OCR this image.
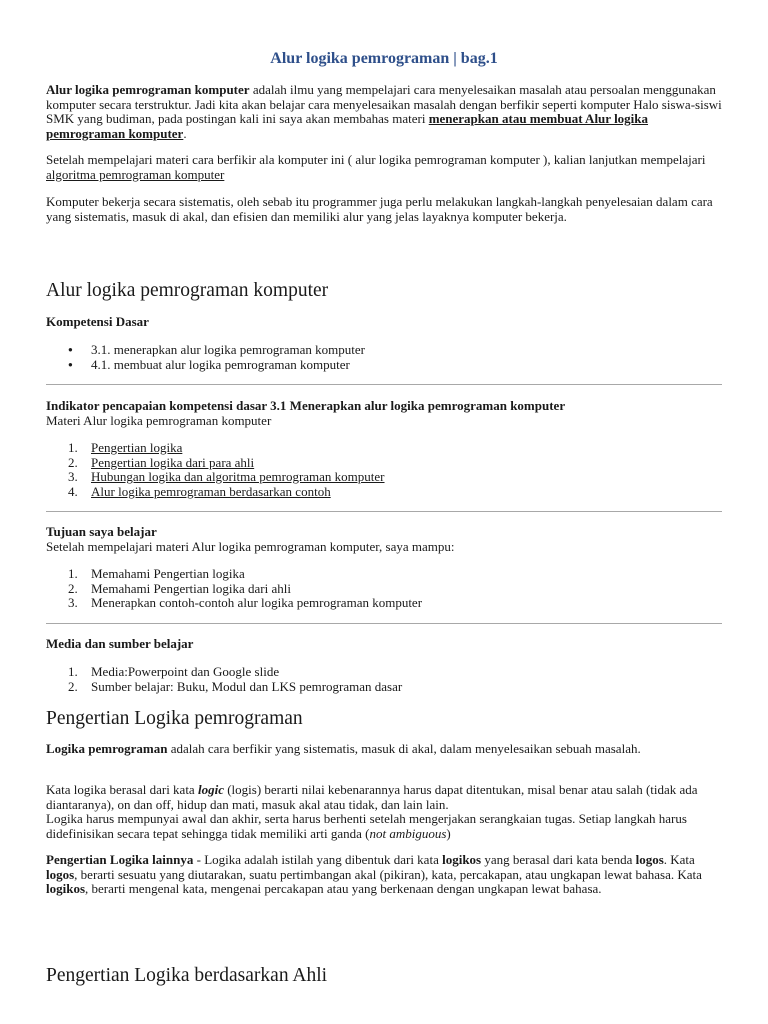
Alur logika pemrograman | bag.1

Alur logika pemrograman komputer adalah ilmu yang mempelajari cara menyelesaikan masalah atau persoalan menggunakan komputer secara terstruktur. Jadi kita akan belajar cara menyelesaikan masalah dengan berfikir seperti komputer Halo siswa-siswi SMK yang budiman, pada postingan kali ini saya akan membahas materi menerapkan atau membuat Alur logika pemrograman komputer.

Setelah mempelajari materi cara berfikir ala komputer ini ( alur logika pemrograman komputer ), kalian lanjutkan mempelajari algoritma pemrograman komputer

Komputer bekerja secara sistematis, oleh sebab itu programmer juga perlu melakukan langkah-langkah penyelesaian dalam cara yang sistematis, masuk di akal, dan efisien dan memiliki alur yang jelas layaknya komputer bekerja.
Alur logika pemrograman komputer
Kompetensi Dasar
● 3.1. menerapkan alur logika pemrograman komputer
● 4.1. membuat alur logika pemrograman komputer

Indikator pencapaian kompetensi dasar 3.1 Menerapkan alur logika pemrograman komputer

Materi Alur logika pemrograman komputer

1. Pengertian logika
2. Pengertian logika dari para ahli
3. Hubungan logika dan algoritma pemrograman komputer
4. Alur logika pemrograman berdasarkan contoh

Tujuan saya belajar

Setelah mempelajari materi Alur logika pemrograman komputer, saya mampu:

1. Memahami Pengertian logika
2. Memahami Pengertian logika dari ahli
3. Menerapkan contoh-contoh alur logika pemrograman komputer
Media dan sumber belajar
1. Media:Powerpoint dan Google slide
2. Sumber belajar: Buku, Modul dan LKS pemrograman dasar
Pengertian Logika pemrograman

Logika pemrograman adalah cara berfikir yang sistematis, masuk di akal, dalam menyelesaikan sebuah masalah.

Kata logika berasal dari kata logic (logis) berarti nilai kebenarannya harus dapat ditentukan, misal benar atau salah (tidak ada diantaranya), on dan off, hidup dan mati, masuk akal atau tidak, dan lain lain.

Logika harus mempunyai awal dan akhir, serta harus berhenti setelah mengerjakan serangkaian tugas. Setiap langkah harus didefinisikan secara tepat sehingga tidak memiliki arti ganda (not ambiguous)

Pengertian Logika lainnya - Logika adalah istilah yang dibentuk dari kata logikos yang berasal dari kata benda logos. Kata logos, berarti sesuatu yang diutarakan, suatu pertimbangan akal (pikiran), kata, percakapan, atau ungkapan lewat bahasa. Kata logikos, berarti mengenal kata, mengenai percakapan atau yang berkenaan dengan ungkapan lewat bahasa.

Pengertian Logika berdasarkan Ahli
